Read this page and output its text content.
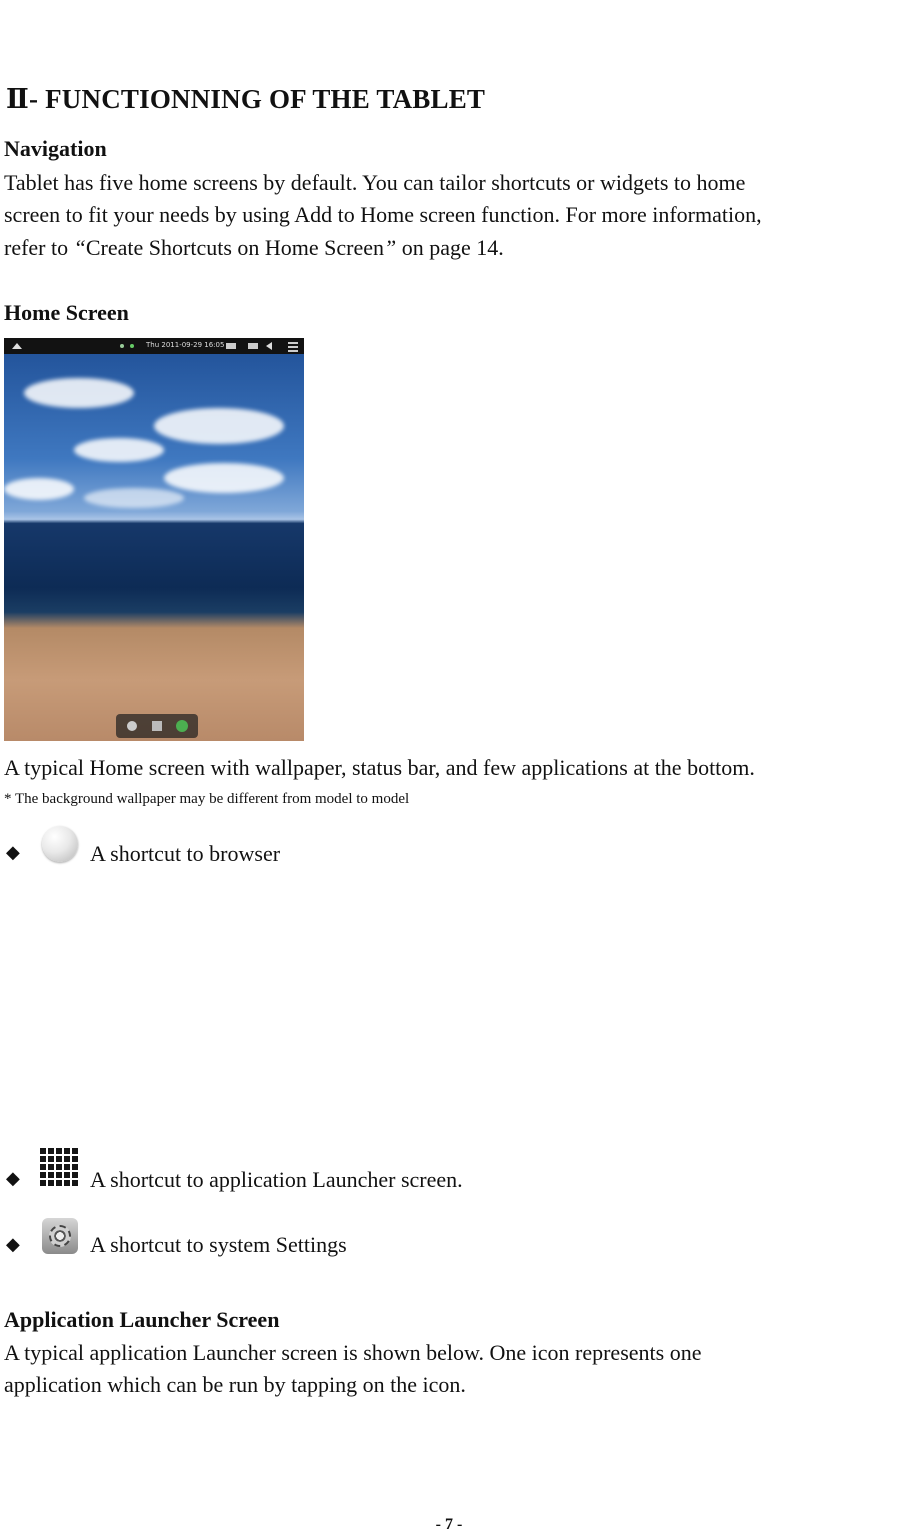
Ⅱ- FUNCTIONNING OF THE TABLET
Navigation
Tablet has five home screens by default. You can tailor shortcuts or widgets to home
screen to fit your needs by using Add to Home screen function. For more information,
refer to “Create Shortcuts on Home Screen” on page 14.
Home Screen
Thu 2011-09-29 16:05
A typical Home screen with wallpaper, status bar, and few applications at the bottom.
* The background wallpaper may be different from model to model
◆	A shortcut to browser
◆	A shortcut to application Launcher screen.
◆	A shortcut to system Settings
Application Launcher Screen
A typical application Launcher screen is shown below. One icon represents one
application which can be run by tapping on the icon.
- 7 -
